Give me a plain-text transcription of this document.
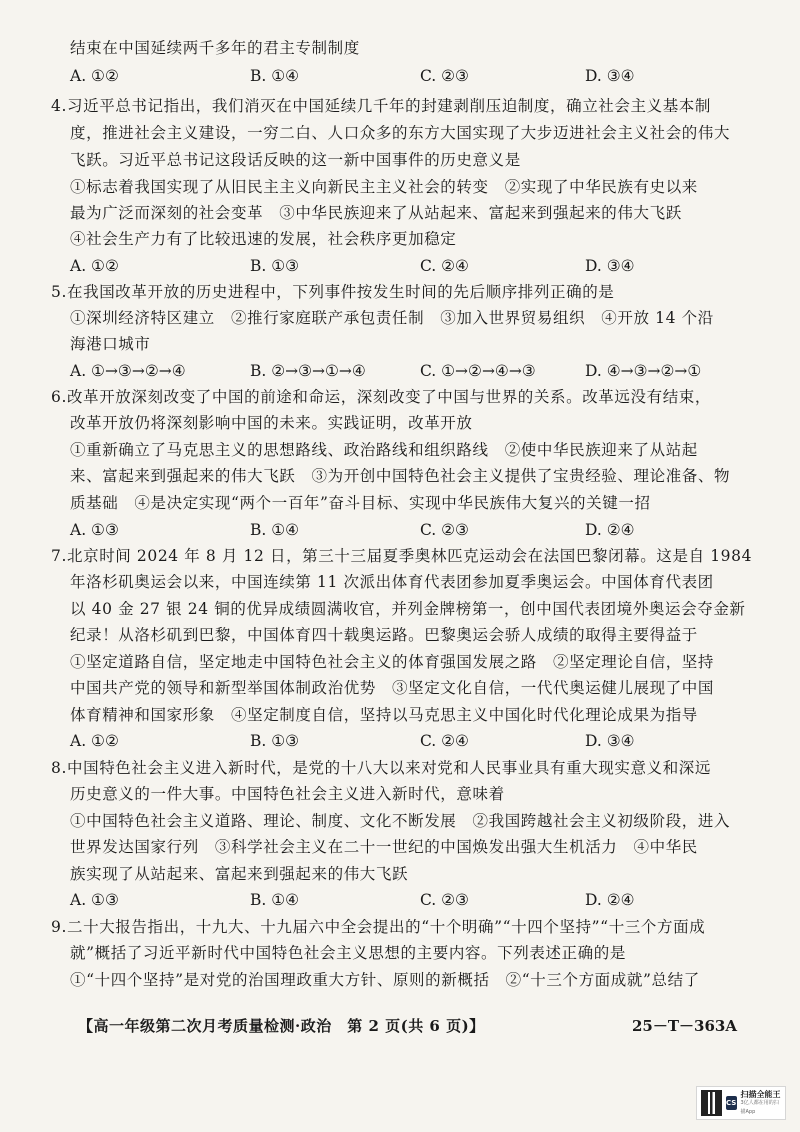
结束在中国延续两千多年的君主专制制度
4.习近平总书记指出，我们消灭在中国延续几千年的封建剥削压迫制度，确立社会主义基本制
度，推进社会主义建设，一穷二白、人口众多的东方大国实现了大步迈进社会主义社会的伟大
飞跃。习近平总书记这段话反映的这一新中国事件的历史意义是
①标志着我国实现了从旧民主主义向新民主主义社会的转变　②实现了中华民族有史以来
最为广泛而深刻的社会变革　③中华民族迎来了从站起来、富起来到强起来的伟大飞跃
④社会生产力有了比较迅速的发展，社会秩序更加稳定
5.在我国改革开放的历史进程中，下列事件按发生时间的先后顺序排列正确的是
①深圳经济特区建立　②推行家庭联产承包责任制　③加入世界贸易组织　④开放 14 个沿
海港口城市
6.改革开放深刻改变了中国的前途和命运，深刻改变了中国与世界的关系。改革远没有结束，
改革开放仍将深刻影响中国的未来。实践证明，改革开放
①重新确立了马克思主义的思想路线、政治路线和组织路线　②使中华民族迎来了从站起
来、富起来到强起来的伟大飞跃　③为开创中国特色社会主义提供了宝贵经验、理论准备、物
质基础　④是决定实现“两个一百年”奋斗目标、实现中华民族伟大复兴的关键一招
7.北京时间 2024 年 8 月 12 日，第三十三届夏季奥林匹克运动会在法国巴黎闭幕。这是自 1984
年洛杉矶奥运会以来，中国连续第 11 次派出体育代表团参加夏季奥运会。中国体育代表团
以 40 金 27 银 24 铜的优异成绩圆满收官，并列金牌榜第一，创中国代表团境外奥运会夺金新
纪录！从洛杉矶到巴黎，中国体育四十载奥运路。巴黎奥运会骄人成绩的取得主要得益于
①坚定道路自信，坚定地走中国特色社会主义的体育强国发展之路　②坚定理论自信，坚持
中国共产党的领导和新型举国体制政治优势　③坚定文化自信，一代代奥运健儿展现了中国
体育精神和国家形象　④坚定制度自信，坚持以马克思主义中国化时代化理论成果为指导
8.中国特色社会主义进入新时代，是党的十八大以来对党和人民事业具有重大现实意义和深远
历史意义的一件大事。中国特色社会主义进入新时代，意味着
①中国特色社会主义道路、理论、制度、文化不断发展　②我国跨越社会主义初级阶段，进入
世界发达国家行列　③科学社会主义在二十一世纪的中国焕发出强大生机活力　④中华民
族实现了从站起来、富起来到强起来的伟大飞跃
9.二十大报告指出，十九大、十九届六中全会提出的“十个明确”“十四个坚持”“十三个方面成
就”概括了习近平新时代中国特色社会主义思想的主要内容。下列表述正确的是
①“十四个坚持”是对党的治国理政重大方针、原则的新概括　②“十三个方面成就”总结了
A. ①②	B. ①④	C. ②③	D. ③④
A. ①②	B. ①③	C. ②④	D. ③④
A. ①→③→②→④	B. ②→③→①→④	C. ①→②→④→③	D. ④→③→②→①
A. ①③	B. ①④	C. ②③	D. ②④
A. ①②	B. ①③	C. ②④	D. ③④
A. ①③	B. ①④	C. ②③	D. ②④
【高一年级第二次月考质量检测·政治　第 2 页(共 6 页)】	25－T－363A
CS
扫描全能王
3亿人都在用的扫描App
